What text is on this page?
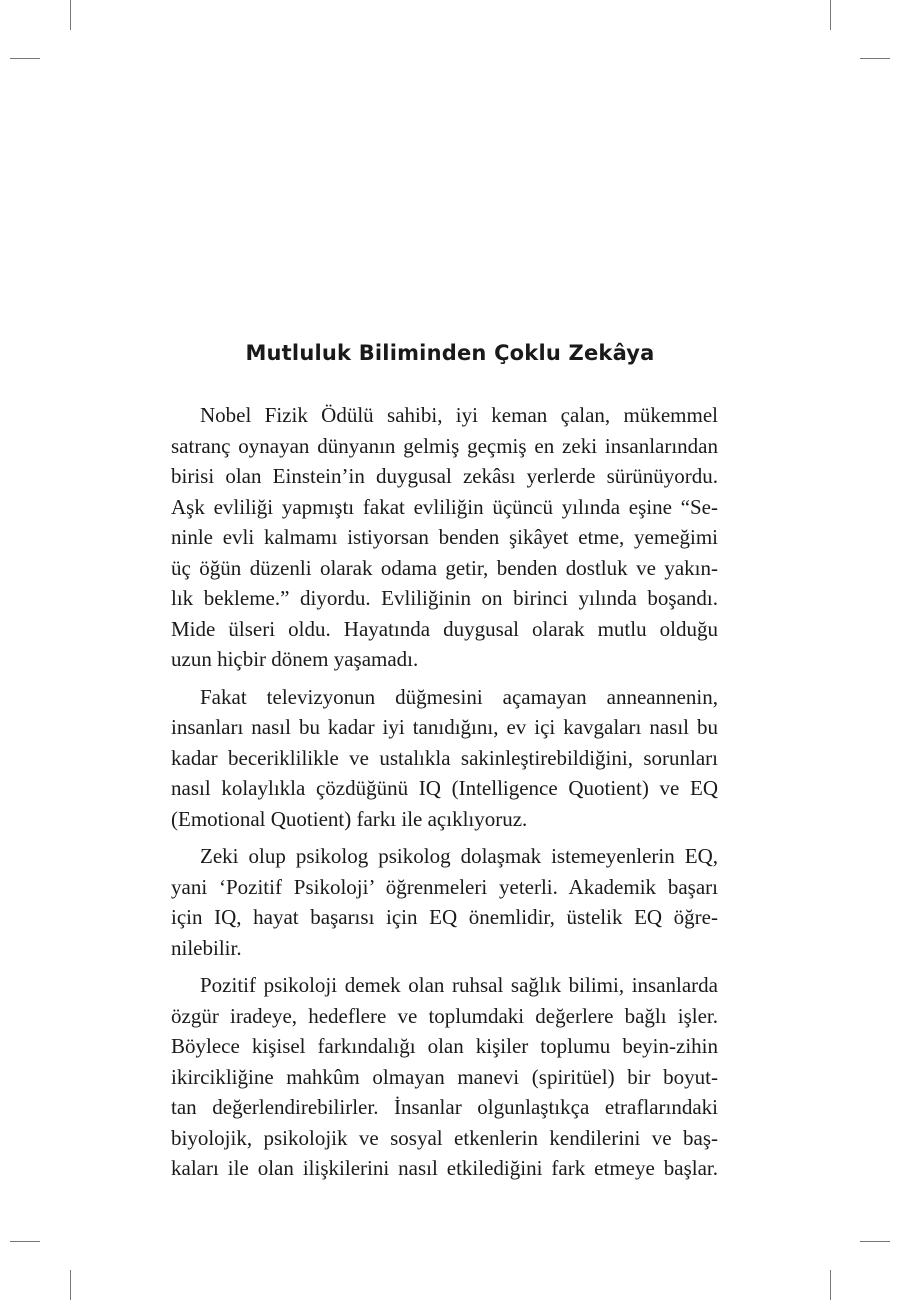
Mutluluk Biliminden Çoklu Zekâya

Nobel Fizik Ödülü sahibi, iyi keman çalan, mükemmel
satranç oynayan dünyanın gelmiş geçmiş en zeki insanlarından
birisi olan Einstein’in duygusal zekâsı yerlerde sürünüyordu.
Aşk evliliği yapmıştı fakat evliliğin üçüncü yılında eşine “Se-
ninle evli kalmamı istiyorsan benden şikâyet etme, yemeğimi
üç öğün düzenli olarak odama getir, benden dostluk ve yakın-
lık bekleme.” diyordu. Evliliğinin on birinci yılında boşandı.
Mide ülseri oldu. Hayatında duygusal olarak mutlu olduğu
uzun hiçbir dönem yaşamadı.

Fakat televizyonun düğmesini açamayan anneannenin,
insanları nasıl bu kadar iyi tanıdığını, ev içi kavgaları nasıl bu
kadar beceriklilikle ve ustalıkla sakinleştirebildiğini, sorunları
nasıl kolaylıkla çözdüğünü IQ (Intelligence Quotient) ve EQ
(Emotional Quotient) farkı ile açıklıyoruz.

Zeki olup psikolog psikolog dolaşmak istemeyenlerin EQ,
yani ‘Pozitif Psikoloji’ öğrenmeleri yeterli. Akademik başarı
için IQ, hayat başarısı için EQ önemlidir, üstelik EQ öğre-
nilebilir.

Pozitif psikoloji demek olan ruhsal sağlık bilimi, insanlarda
özgür iradeye, hedeflere ve toplumdaki değerlere bağlı işler.
Böylece kişisel farkındalığı olan kişiler toplumu beyin-zihin
ikircikliğine mahkûm olmayan manevi (spiritüel) bir boyut-
tan değerlendirebilirler. İnsanlar olgunlaştıkça etraflarındaki
biyolojik, psikolojik ve sosyal etkenlerin kendilerini ve baş-
kaları ile olan ilişkilerini nasıl etkilediğini fark etmeye başlar.
